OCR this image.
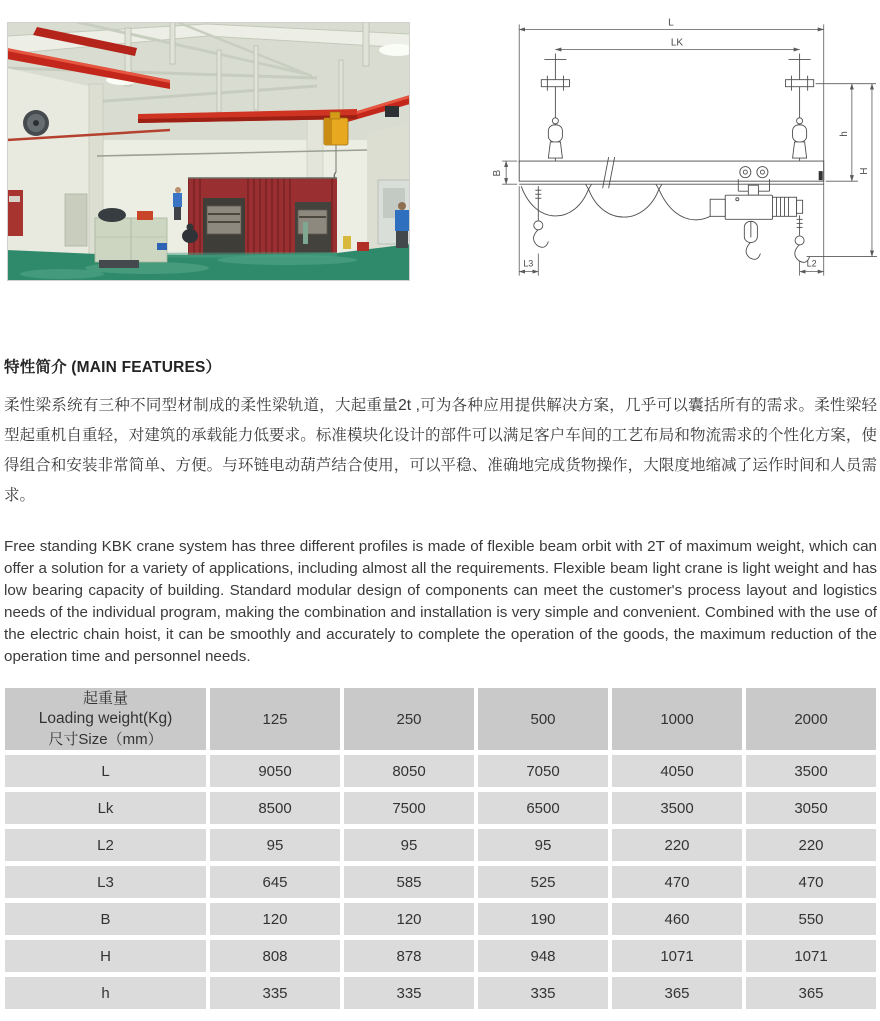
L
LK
B
h
H
L3	L2
特性简介 (MAIN FEATURES）

柔性梁系统有三种不同型材制成的柔性梁轨道，大起重量2t ,可为各种应用提供解决方案，几乎可以囊括所有的需求。柔性梁轻型起重机自重轻，对建筑的承载能力低要求。标准模块化设计的部件可以满足客户车间的工艺布局和物流需求的个性化方案，使得组合和安装非常简单、方便。与环链电动葫芦结合使用，可以平稳、准确地完成货物操作，大限度地缩减了运作时间和人员需求。

Free standing KBK crane system has three different profiles is made of flexible beam orbit with 2T of maximum weight, which can offer a solution for a variety of applications, including almost all the requirements. Flexible beam light crane is light weight and has low bearing capacity of building. Standard modular design of components can meet the customer's process layout and logistics needs of the individual program, making the combination and installation is very simple and convenient. Combined with the use of the electric chain hoist, it can be smoothly and accurately to complete the operation of the goods, the maximum reduction of the operation time and personnel needs.

起重量
Loading weight(Kg)
尺寸Size（mm）	125	250	500	1000	2000
L	9050	8050	7050	4050	3500
Lk	8500	7500	6500	3500	3050
L2	95	95	95	220	220
L3	645	585	525	470	470
B	120	120	190	460	550
H	808	878	948	1071	1071
h	335	335	335	365	365
